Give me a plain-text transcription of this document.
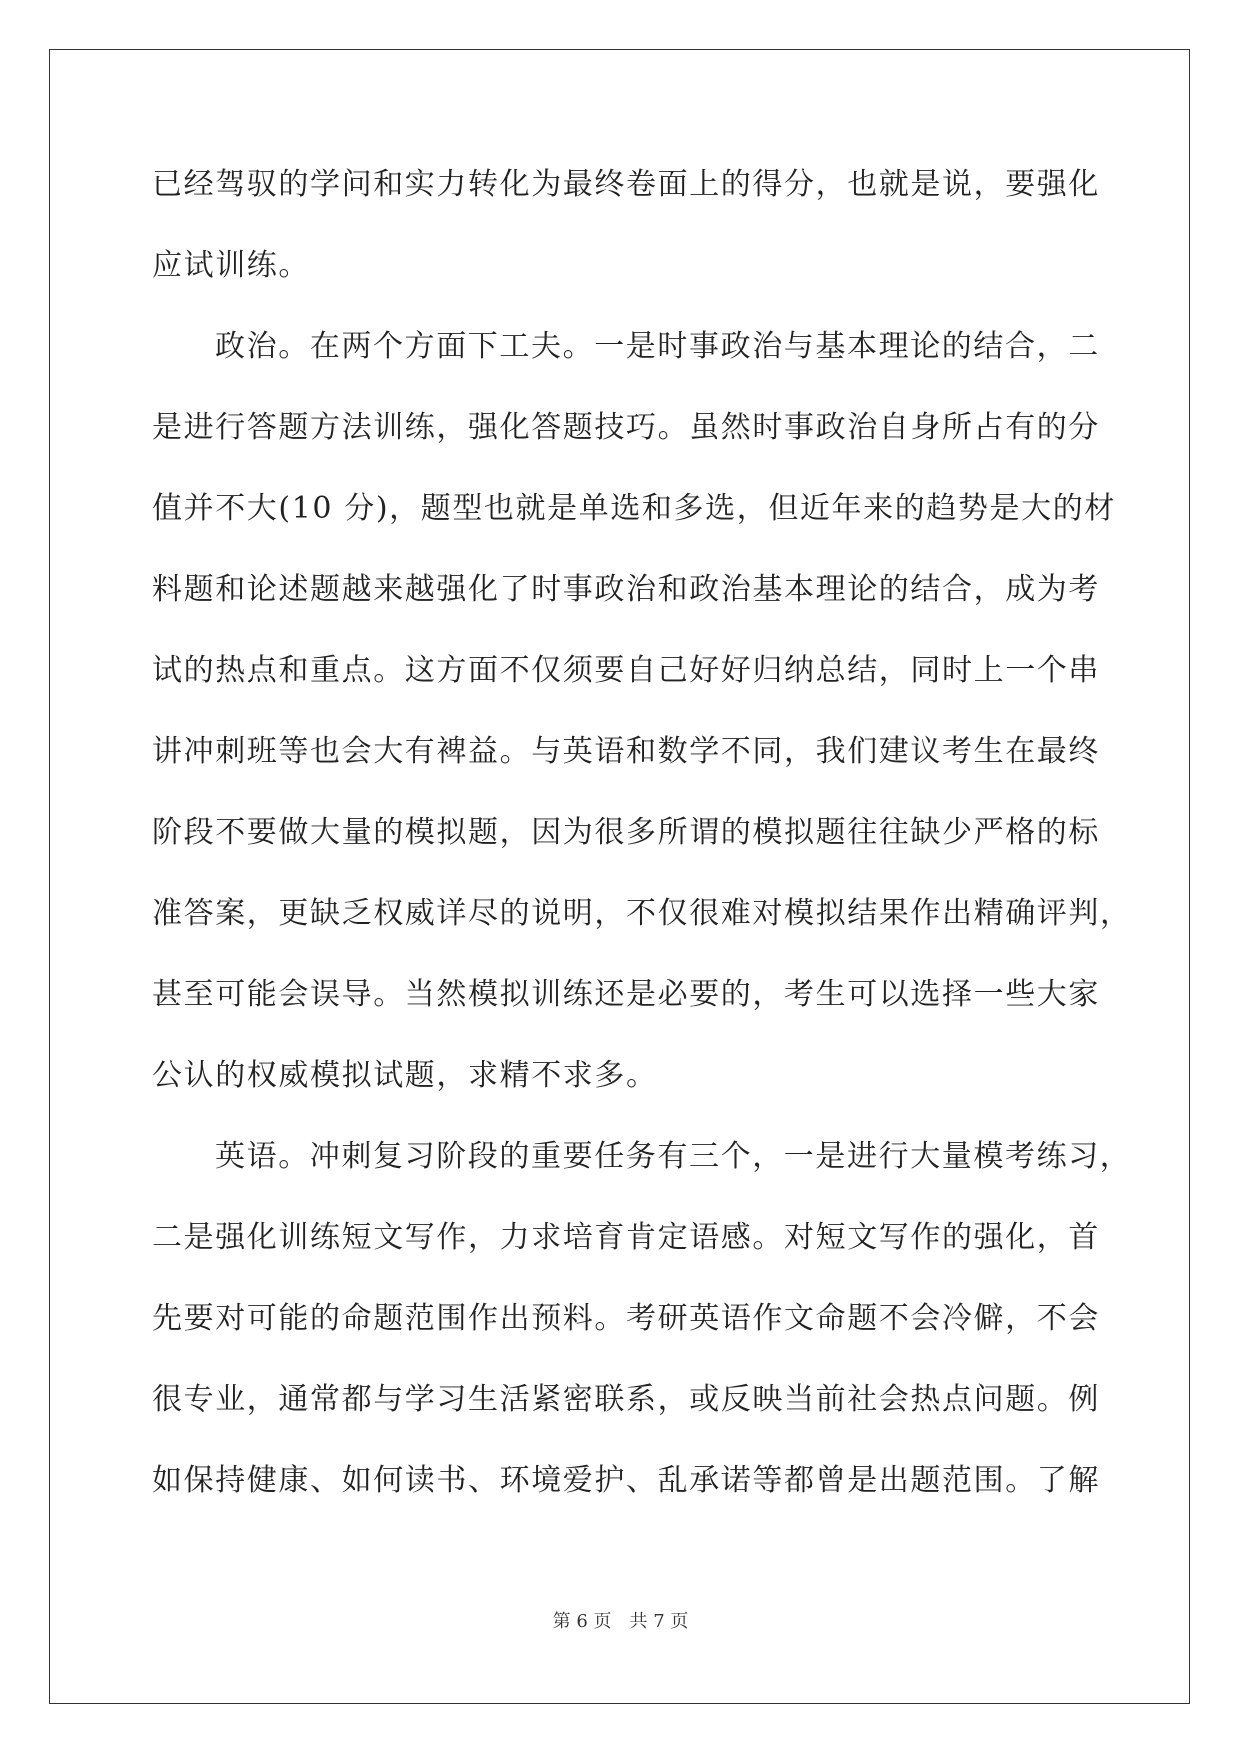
已经驾驭的学问和实力转化为最终卷面上的得分，也就是说，要强化
应试训练。
政治。在两个方面下工夫。一是时事政治与基本理论的结合，二
是进行答题方法训练，强化答题技巧。虽然时事政治自身所占有的分
值并不大(10 分)，题型也就是单选和多选，但近年来的趋势是大的材
料题和论述题越来越强化了时事政治和政治基本理论的结合，成为考
试的热点和重点。这方面不仅须要自己好好归纳总结，同时上一个串
讲冲刺班等也会大有裨益。与英语和数学不同，我们建议考生在最终
阶段不要做大量的模拟题，因为很多所谓的模拟题往往缺少严格的标
准答案，更缺乏权威详尽的说明，不仅很难对模拟结果作出精确评判，
甚至可能会误导。当然模拟训练还是必要的，考生可以选择一些大家
公认的权威模拟试题，求精不求多。
英语。冲刺复习阶段的重要任务有三个，一是进行大量模考练习，
二是强化训练短文写作，力求培育肯定语感。对短文写作的强化，首
先要对可能的命题范围作出预料。考研英语作文命题不会冷僻，不会
很专业，通常都与学习生活紧密联系，或反映当前社会热点问题。例
如保持健康、如何读书、环境爱护、乱承诺等都曾是出题范围。了解
第 6 页　共 7 页
